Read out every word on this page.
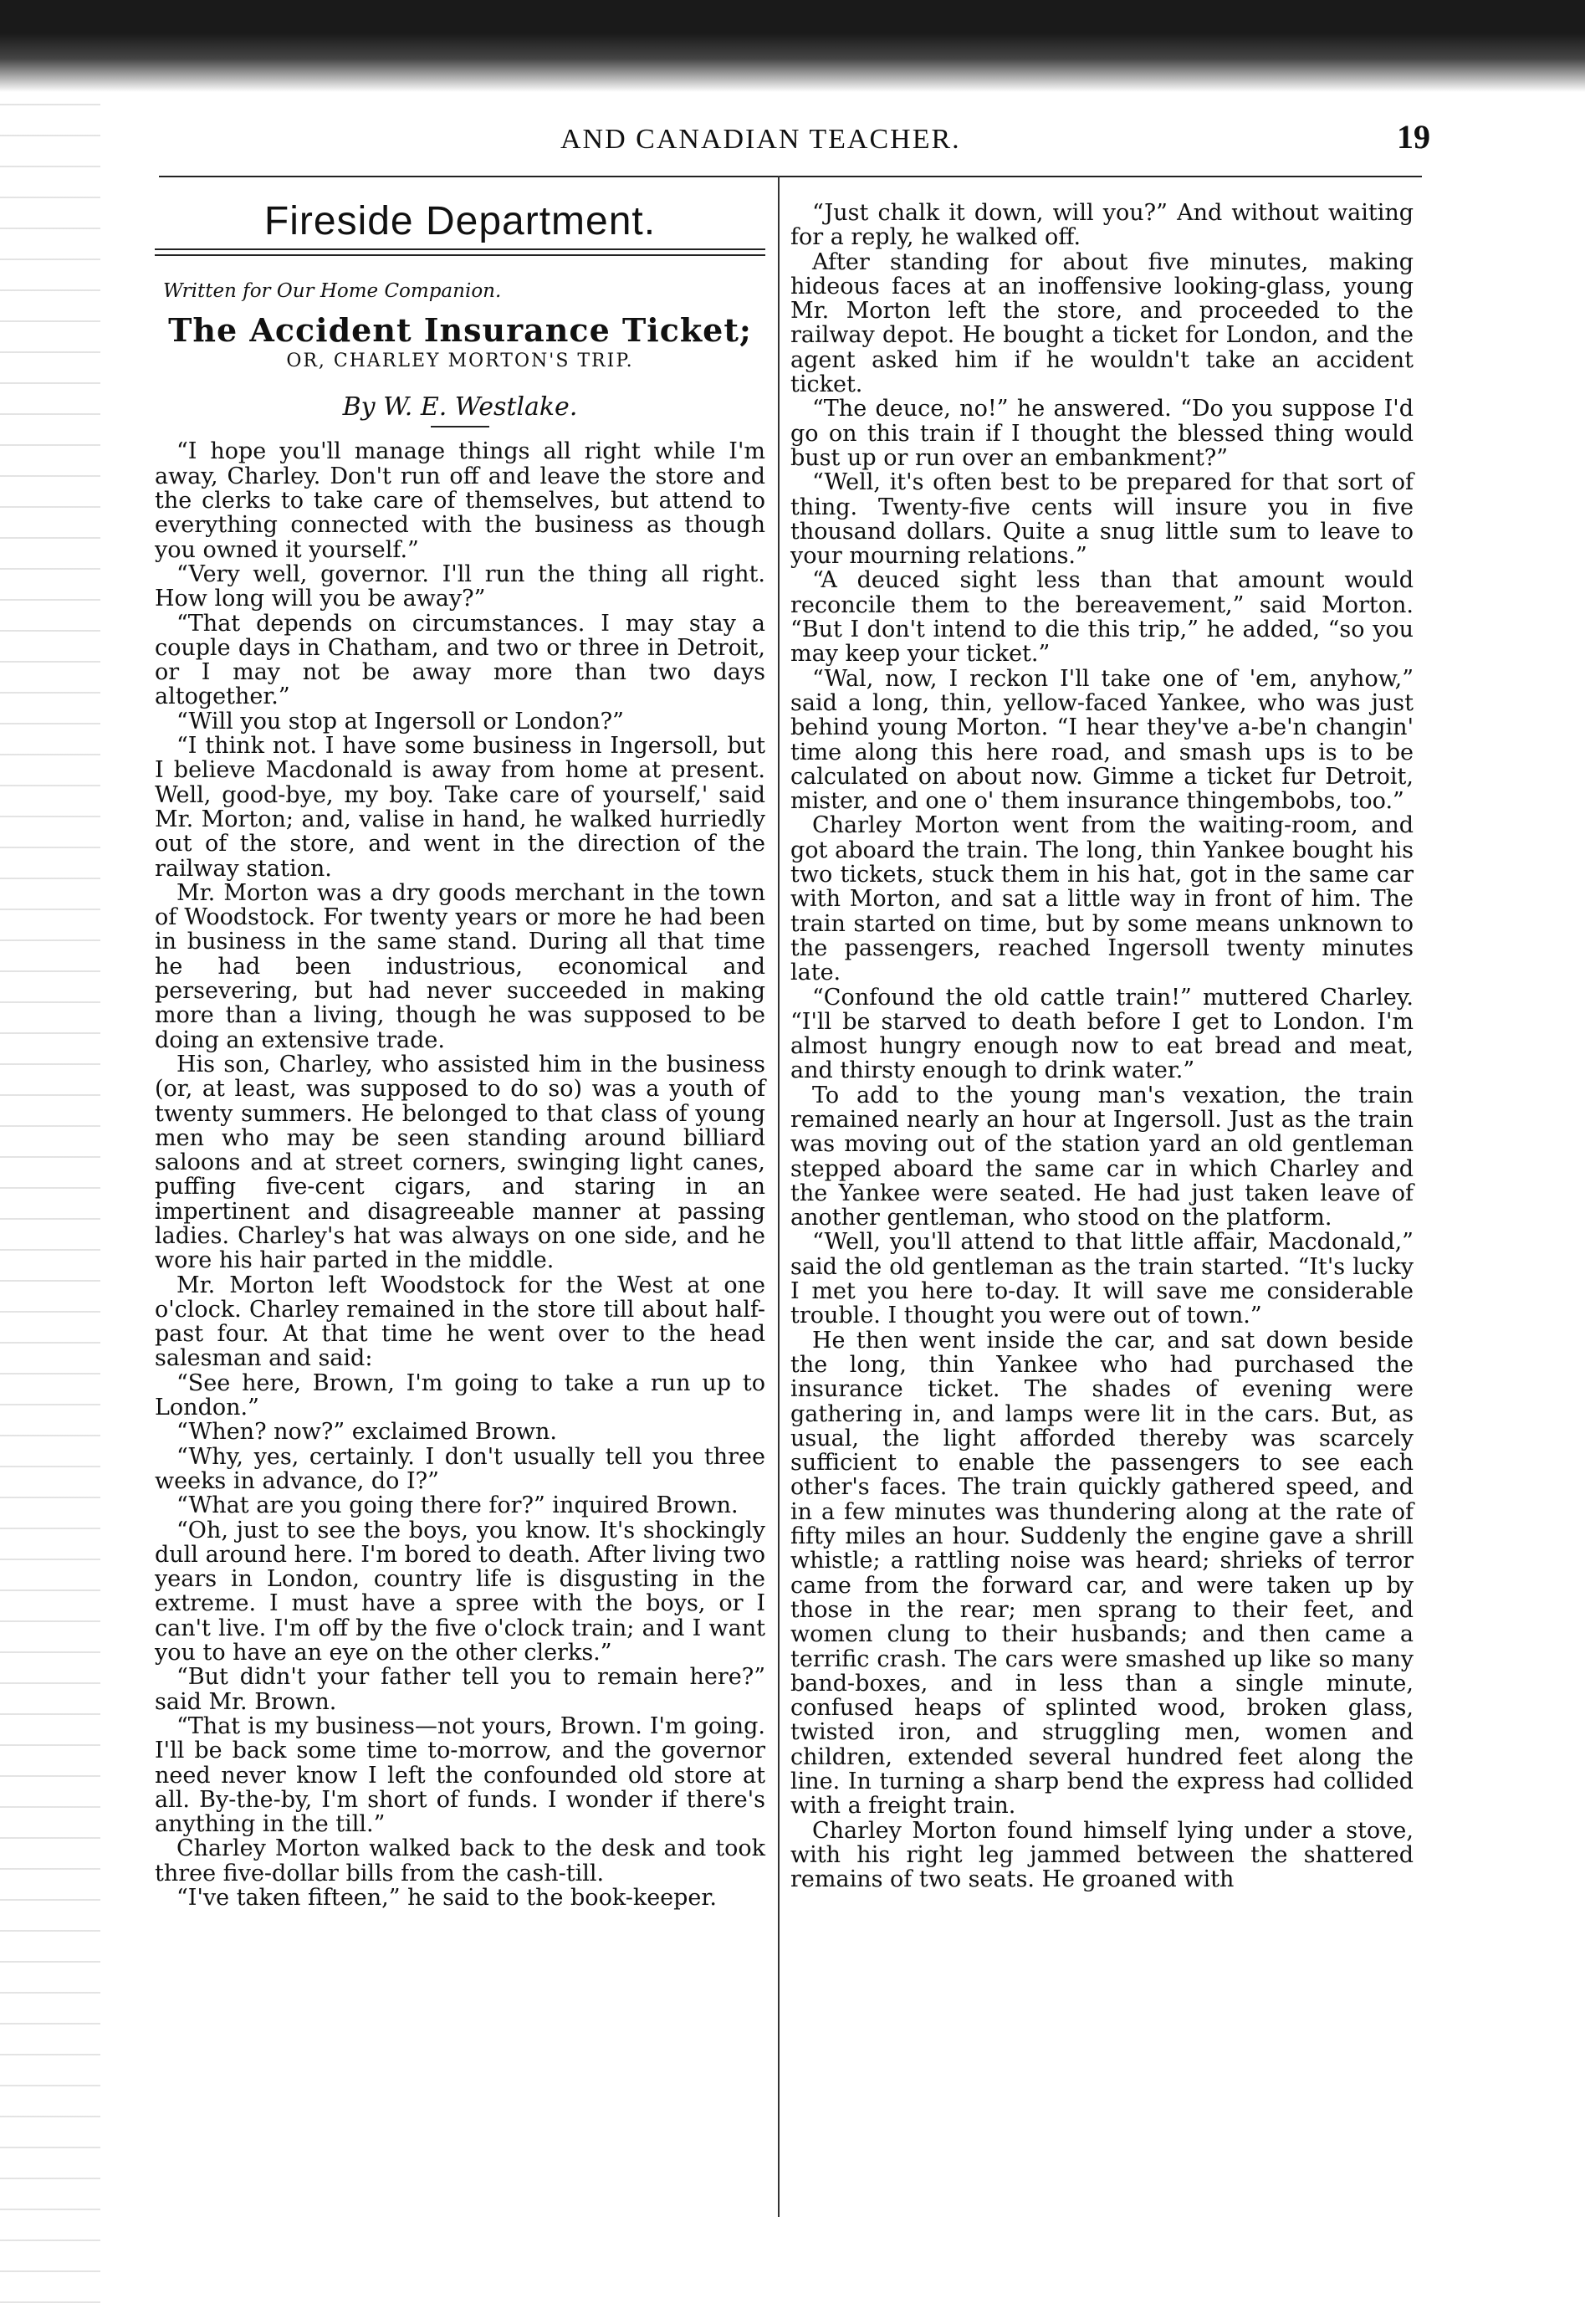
AND CANADIAN TEACHER.	19
Fireside Department.
Written for Our Home Companion.
The Accident Insurance Ticket;
OR, CHARLEY MORTON'S TRIP.
By W. E. Westlake.

“I hope you'll manage things all right while I'm away, Charley. Don't run off and leave the store and the clerks to take care of themselves, but attend to everything connected with the business as though you owned it yourself.”

“Very well, governor. I'll run the thing all right. How long will you be away?”

“That depends on circumstances. I may stay a couple days in Chatham, and two or three in Detroit, or I may not be away more than two days altogether.”

“Will you stop at Ingersoll or London?”

“I think not. I have some business in Ingersoll, but I believe Macdonald is away from home at present. Well, good-bye, my boy. Take care of yourself,' said Mr. Morton; and, valise in hand, he walked hurriedly out of the store, and went in the direction of the railway station.

Mr. Morton was a dry goods merchant in the town of Woodstock. For twenty years or more he had been in business in the same stand. During all that time he had been industrious, economical and persevering, but had never succeeded in making more than a living, though he was supposed to be doing an extensive trade.

His son, Charley, who assisted him in the business (or, at least, was supposed to do so) was a youth of twenty summers. He belonged to that class of young men who may be seen standing around billiard saloons and at street corners, swinging light canes, puffing five-cent cigars, and staring in an impertinent and disagreeable manner at passing ladies. Charley's hat was always on one side, and he wore his hair parted in the middle.

Mr. Morton left Woodstock for the West at one o'clock. Charley remained in the store till about half-past four. At that time he went over to the head salesman and said:

“See here, Brown, I'm going to take a run up to London.”

“When? now?” exclaimed Brown.

“Why, yes, certainly. I don't usually tell you three weeks in advance, do I?”

“What are you going there for?” inquired Brown.

“Oh, just to see the boys, you know. It's shockingly dull around here. I'm bored to death. After living two years in London, country life is disgusting in the extreme. I must have a spree with the boys, or I can't live. I'm off by the five o'clock train; and I want you to have an eye on the other clerks.”

“But didn't your father tell you to remain here?” said Mr. Brown.

“That is my business—not yours, Brown. I'm going. I'll be back some time to-morrow, and the governor need never know I left the confounded old store at all. By-the-by, I'm short of funds. I wonder if there's anything in the till.”

Charley Morton walked back to the desk and took three five-dollar bills from the cash-till.

“I've taken fifteen,” he said to the book-keeper.

“Just chalk it down, will you?” And without waiting for a reply, he walked off.

After standing for about five minutes, making hideous faces at an inoffensive looking-glass, young Mr. Morton left the store, and proceeded to the railway depot. He bought a ticket for London, and the agent asked him if he wouldn't take an accident ticket.

“The deuce, no!” he answered. “Do you suppose I'd go on this train if I thought the blessed thing would bust up or run over an embankment?”

“Well, it's often best to be prepared for that sort of thing. Twenty-five cents will insure you in five thousand dollars. Quite a snug little sum to leave to your mourning relations.”

“A deuced sight less than that amount would reconcile them to the bereavement,” said Morton. “But I don't intend to die this trip,” he added, “so you may keep your ticket.”

“Wal, now, I reckon I'll take one of 'em, anyhow,” said a long, thin, yellow-faced Yankee, who was just behind young Morton. “I hear they've a-be'n changin' time along this here road, and smash ups is to be calculated on about now. Gimme a ticket fur Detroit, mister, and one o' them insurance thingembobs, too.”

Charley Morton went from the waiting-room, and got aboard the train. The long, thin Yankee bought his two tickets, stuck them in his hat, got in the same car with Morton, and sat a little way in front of him. The train started on time, but by some means unknown to the passengers, reached Ingersoll twenty minutes late.

“Confound the old cattle train!” muttered Charley. “I'll be starved to death before I get to London. I'm almost hungry enough now to eat bread and meat, and thirsty enough to drink water.”

To add to the young man's vexation, the train remained nearly an hour at Ingersoll. Just as the train was moving out of the station yard an old gentleman stepped aboard the same car in which Charley and the Yankee were seated. He had just taken leave of another gentleman, who stood on the platform.

“Well, you'll attend to that little affair, Macdonald,” said the old gentleman as the train started. “It's lucky I met you here to-day. It will save me considerable trouble. I thought you were out of town.”

He then went inside the car, and sat down beside the long, thin Yankee who had purchased the insurance ticket. The shades of evening were gathering in, and lamps were lit in the cars. But, as usual, the light afforded thereby was scarcely sufficient to enable the passengers to see each other's faces. The train quickly gathered speed, and in a few minutes was thundering along at the rate of fifty miles an hour. Suddenly the engine gave a shrill whistle; a rattling noise was heard; shrieks of terror came from the forward car, and were taken up by those in the rear; men sprang to their feet, and women clung to their husbands; and then came a terrific crash. The cars were smashed up like so many band-boxes, and in less than a single minute, confused heaps of splinted wood, broken glass, twisted iron, and struggling men, women and children, extended several hundred feet along the line. In turning a sharp bend the express had collided with a freight train.

Charley Morton found himself lying under a stove, with his right leg jammed between the shattered remains of two seats. He groaned with
